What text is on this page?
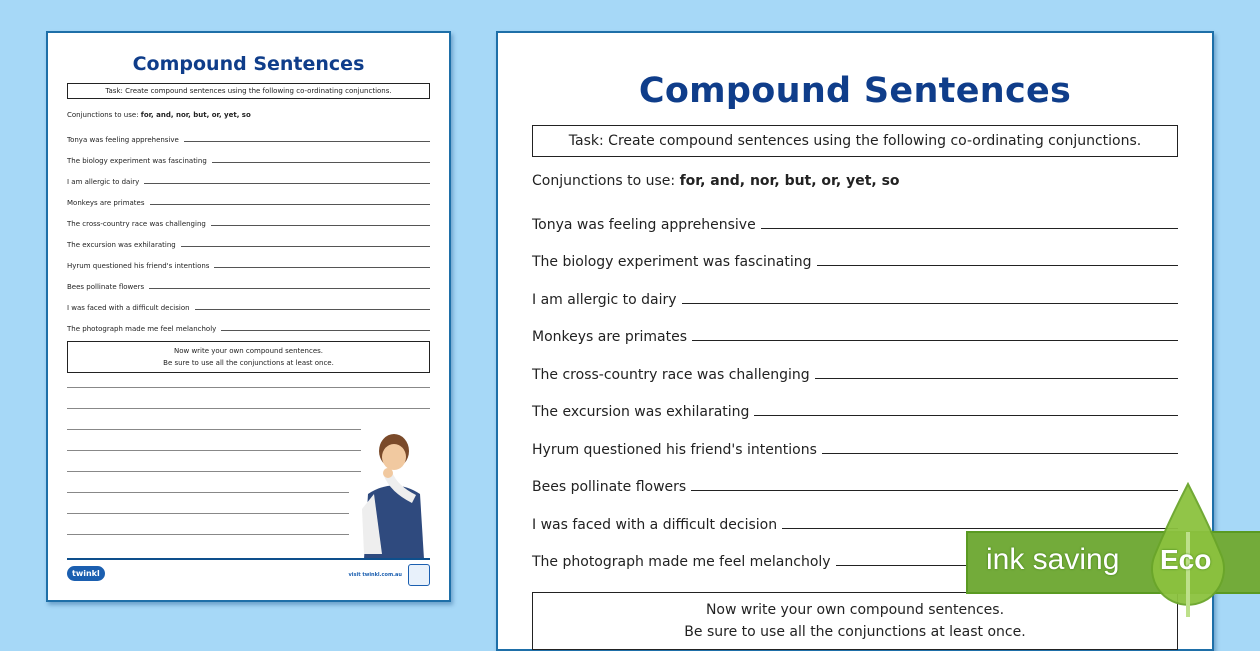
Compound Sentences
Task: Create compound sentences using the following co-ordinating conjunctions.
Conjunctions to use: for, and, nor, but, or, yet, so
Tonya was feeling apprehensive
The biology experiment was fascinating
I am allergic to dairy
Monkeys are primates
The cross-country race was challenging
The excursion was exhilarating
Hyrum questioned his friend's intentions
Bees pollinate flowers
I was faced with a difficult decision
The photograph made me feel melancholy
Now write your own compound sentences.
Be sure to use all the conjunctions at least once.
twinkl	visit twinkl.com.au
Compound Sentences
Task: Create compound sentences using the following co-ordinating conjunctions.
Conjunctions to use: for, and, nor, but, or, yet, so
Tonya was feeling apprehensive
The biology experiment was fascinating
I am allergic to dairy
Monkeys are primates
The cross-country race was challenging
The excursion was exhilarating
Hyrum questioned his friend's intentions
Bees pollinate flowers
I was faced with a difficult decision
The photograph made me feel melancholy
Now write your own compound sentences.
Be sure to use all the conjunctions at least once.
ink saving Eco
